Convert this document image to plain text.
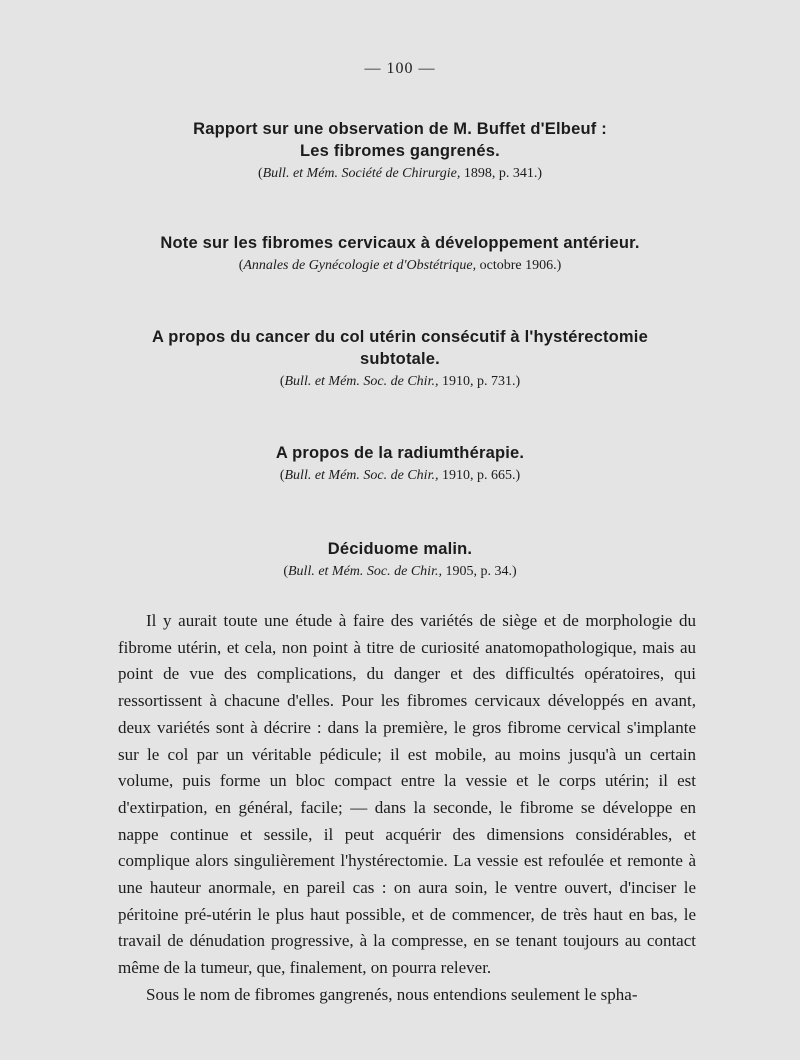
— 100 —
Rapport sur une observation de M. Buffet d'Elbeuf :
Les fibromes gangrenés.
(Bull. et Mém. Société de Chirurgie, 1898, p. 341.)
Note sur les fibromes cervicaux à développement antérieur.
(Annales de Gynécologie et d'Obstétrique, octobre 1906.)
A propos du cancer du col utérin consécutif à l'hystérectomie
subtotale.
(Bull. et Mém. Soc. de Chir., 1910, p. 731.)
A propos de la radiumthérapie.
(Bull. et Mém. Soc. de Chir., 1910, p. 665.)
Déciduome malin.
(Bull. et Mém. Soc. de Chir., 1905, p. 34.)

Il y aurait toute une étude à faire des variétés de siège et de morphologie du fibrome utérin, et cela, non point à titre de curiosité anatomopathologique, mais au point de vue des complications, du danger et des difficultés opératoires, qui ressortissent à chacune d'elles. Pour les fibromes cervicaux développés en avant, deux variétés sont à décrire : dans la première, le gros fibrome cervical s'implante sur le col par un véritable pédicule; il est mobile, au moins jusqu'à un certain volume, puis forme un bloc compact entre la vessie et le corps utérin; il est d'extirpation, en général, facile; — dans la seconde, le fibrome se développe en nappe continue et sessile, il peut acquérir des dimensions considérables, et complique alors singulièrement l'hystérectomie. La vessie est refoulée et remonte à une hauteur anormale, en pareil cas : on aura soin, le ventre ouvert, d'inciser le péritoine pré-utérin le plus haut possible, et de commencer, de très haut en bas, le travail de dénudation progressive, à la compresse, en se tenant toujours au contact même de la tumeur, que, finalement, on pourra relever.

Sous le nom de fibromes gangrenés, nous entendions seulement le spha-
